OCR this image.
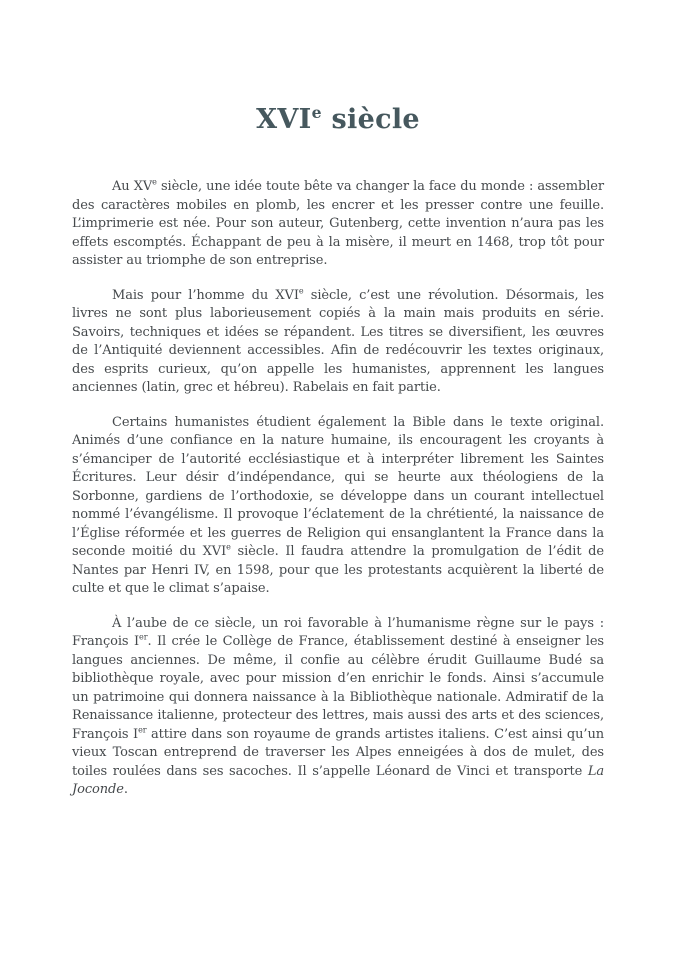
XVIe siècle

Au XVe siècle, une idée toute bête va changer la face du monde : assembler des caractères mobiles en plomb, les encrer et les presser contre une feuille. L’imprimerie est née. Pour son auteur, Gutenberg, cette invention n’aura pas les effets escomptés. Échappant de peu à la misère, il meurt en 1468, trop tôt pour assister au triomphe de son entreprise.

Mais pour l’homme du XVIe siècle, c’est une révolution. Désormais, les livres ne sont plus laborieusement copiés à la main mais produits en série. Savoirs, techniques et idées se répandent. Les titres se diversifient, les œuvres de l’Antiquité deviennent accessibles. Afin de redécouvrir les textes originaux, des esprits curieux, qu’on appelle les humanistes, apprennent les langues anciennes (latin, grec et hébreu). Rabelais en fait partie.

Certains humanistes étudient également la Bible dans le texte original. Animés d’une confiance en la nature humaine, ils encouragent les croyants à s’émanciper de l’autorité ecclésiastique et à interpréter librement les Saintes Écritures. Leur désir d’indépendance, qui se heurte aux théologiens de la Sorbonne, gardiens de l’orthodoxie, se développe dans un courant intellectuel nommé l’évangélisme. Il provoque l’éclatement de la chrétienté, la naissance de l’Église réformée et les guerres de Religion qui ensanglantent la France dans la seconde moitié du XVIe siècle. Il faudra attendre la promulgation de l’édit de Nantes par Henri IV, en 1598, pour que les protestants acquièrent la liberté de culte et que le climat s’apaise.

À l’aube de ce siècle, un roi favorable à l’humanisme règne sur le pays : François Ier. Il crée le Collège de France, établissement destiné à enseigner les langues anciennes. De même, il confie au célèbre érudit Guillaume Budé sa bibliothèque royale, avec pour mission d’en enrichir le fonds. Ainsi s’accumule un patrimoine qui donnera naissance à la Bibliothèque nationale. Admiratif de la Renaissance italienne, protecteur des lettres, mais aussi des arts et des sciences, François Ier attire dans son royaume de grands artistes italiens. C’est ainsi qu’un vieux Toscan entreprend de traverser les Alpes enneigées à dos de mulet, des toiles roulées dans ses sacoches. Il s’appelle Léonard de Vinci et transporte La Joconde.
